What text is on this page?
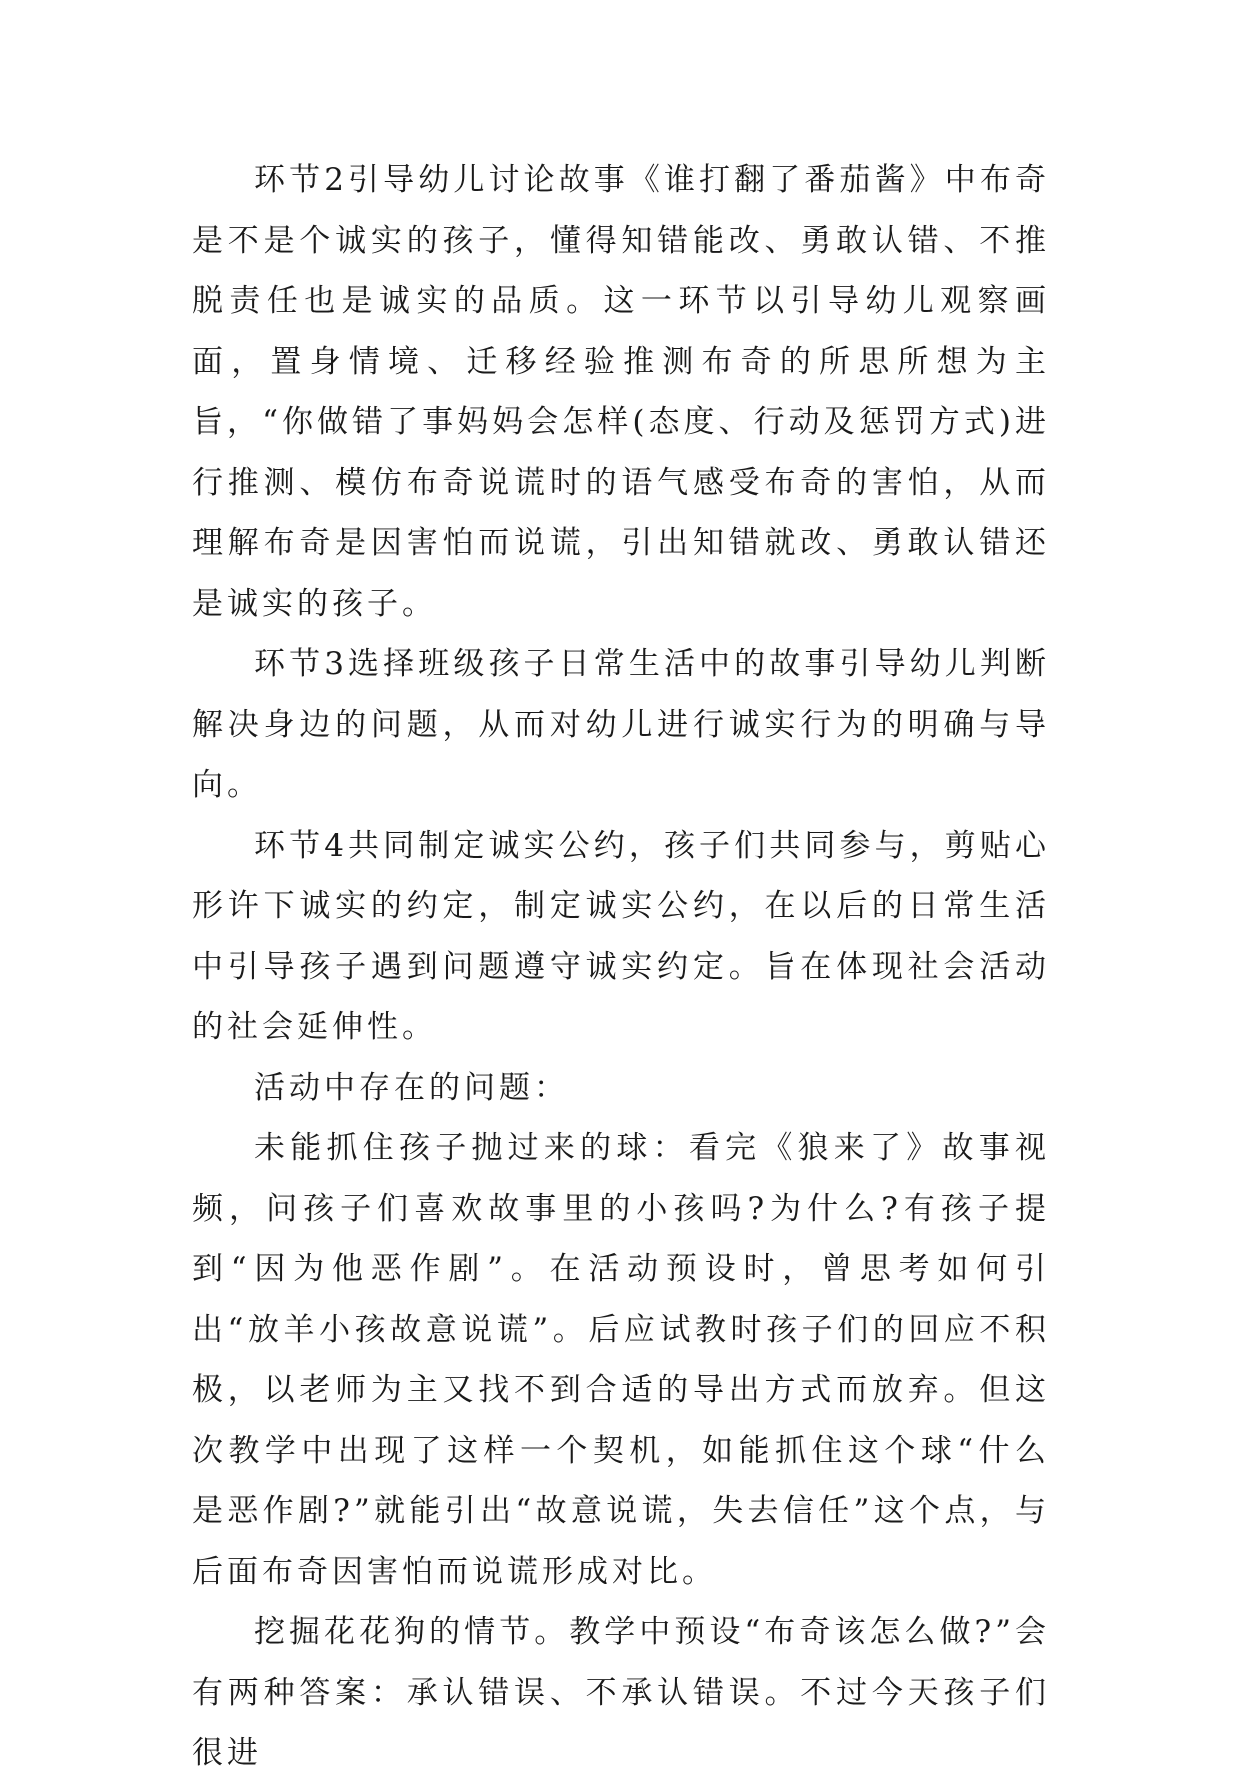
环节2引导幼儿讨论故事《谁打翻了番茄酱》中布奇是不是个诚实的孩子，懂得知错能改、勇敢认错、不推脱责任也是诚实的品质。这一环节以引导幼儿观察画面，置身情境、迁移经验推测布奇的所思所想为主旨，“你做错了事妈妈会怎样(态度、行动及惩罚方式)进行推测、模仿布奇说谎时的语气感受布奇的害怕，从而理解布奇是因害怕而说谎，引出知错就改、勇敢认错还是诚实的孩子。

环节3选择班级孩子日常生活中的故事引导幼儿判断解决身边的问题，从而对幼儿进行诚实行为的明确与导向。

环节4共同制定诚实公约，孩子们共同参与，剪贴心形许下诚实的约定，制定诚实公约，在以后的日常生活中引导孩子遇到问题遵守诚实约定。旨在体现社会活动的社会延伸性。

活动中存在的问题：

未能抓住孩子抛过来的球：看完《狼来了》故事视频，问孩子们喜欢故事里的小孩吗?为什么?有孩子提到“因为他恶作剧”。在活动预设时，曾思考如何引出“放羊小孩故意说谎”。后应试教时孩子们的回应不积极，以老师为主又找不到合适的导出方式而放弃。但这次教学中出现了这样一个契机，如能抓住这个球“什么是恶作剧?”就能引出“故意说谎，失去信任”这个点，与后面布奇因害怕而说谎形成对比。

挖掘花花狗的情节。教学中预设“布奇该怎么做?”会有两种答案：承认错误、不承认错误。不过今天孩子们很进
